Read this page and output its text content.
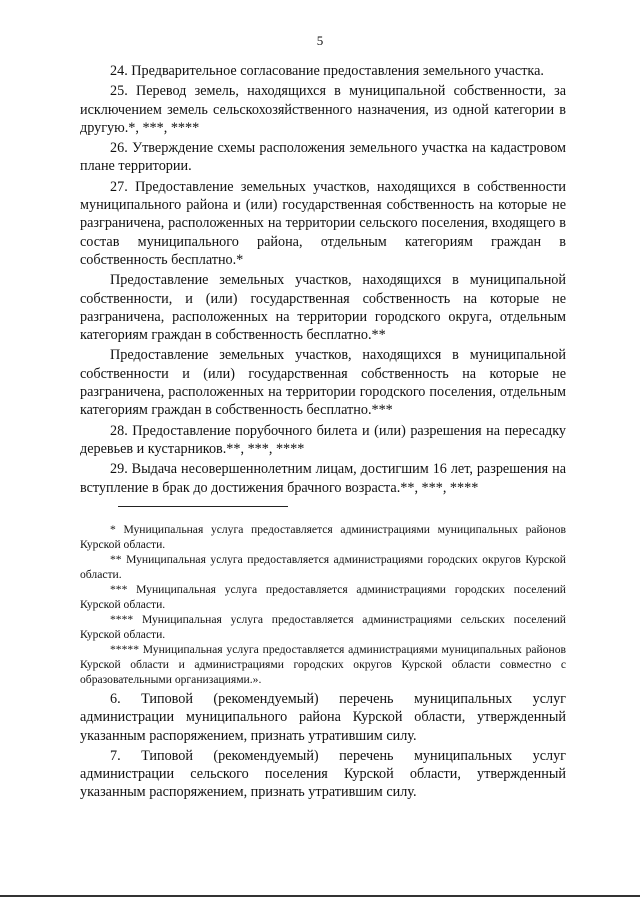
5

24. Предварительное согласование предоставления земельного участка.

25. Перевод земель, находящихся в муниципальной собственности, за исключением земель сельскохозяйственного назначения, из одной категории в другую.*, ***, ****

26. Утверждение схемы расположения земельного участка на кадастровом плане территории.

27. Предоставление земельных участков, находящихся в собственности муниципального района и (или) государственная собственность на которые не разграничена, расположенных на территории сельского поселения, входящего в состав муниципального района, отдельным категориям граждан в собственность бесплатно.*

Предоставление земельных участков, находящихся в муниципальной собственности, и (или) государственная собственность на которые не разграничена, расположенных на территории городского округа, отдельным категориям граждан в собственность бесплатно.**

Предоставление земельных участков, находящихся в муниципальной собственности и (или) государственная собственность на которые не разграничена, расположенных на территории городского поселения, отдельным категориям граждан в собственность бесплатно.***

28. Предоставление порубочного билета и (или) разрешения на пересадку деревьев и кустарников.**, ***, ****

29. Выдача несовершеннолетним лицам, достигшим 16 лет, разрешения на вступление в брак до достижения брачного возраста.**, ***, ****

* Муниципальная услуга предоставляется администрациями муниципальных районов Курской области.

** Муниципальная услуга предоставляется администрациями городских округов Курской области.

*** Муниципальная услуга предоставляется администрациями городских поселений Курской области.

**** Муниципальная услуга предоставляется администрациями сельских поселений Курской области.

***** Муниципальная услуга предоставляется администрациями муниципальных районов Курской области и администрациями городских округов Курской области совместно с образовательными организациями.».

6. Типовой (рекомендуемый) перечень муниципальных услуг администрации муниципального района Курской области, утвержденный указанным распоряжением, признать утратившим силу.

7. Типовой (рекомендуемый) перечень муниципальных услуг администрации сельского поселения Курской области, утвержденный указанным распоряжением, признать утратившим силу.
